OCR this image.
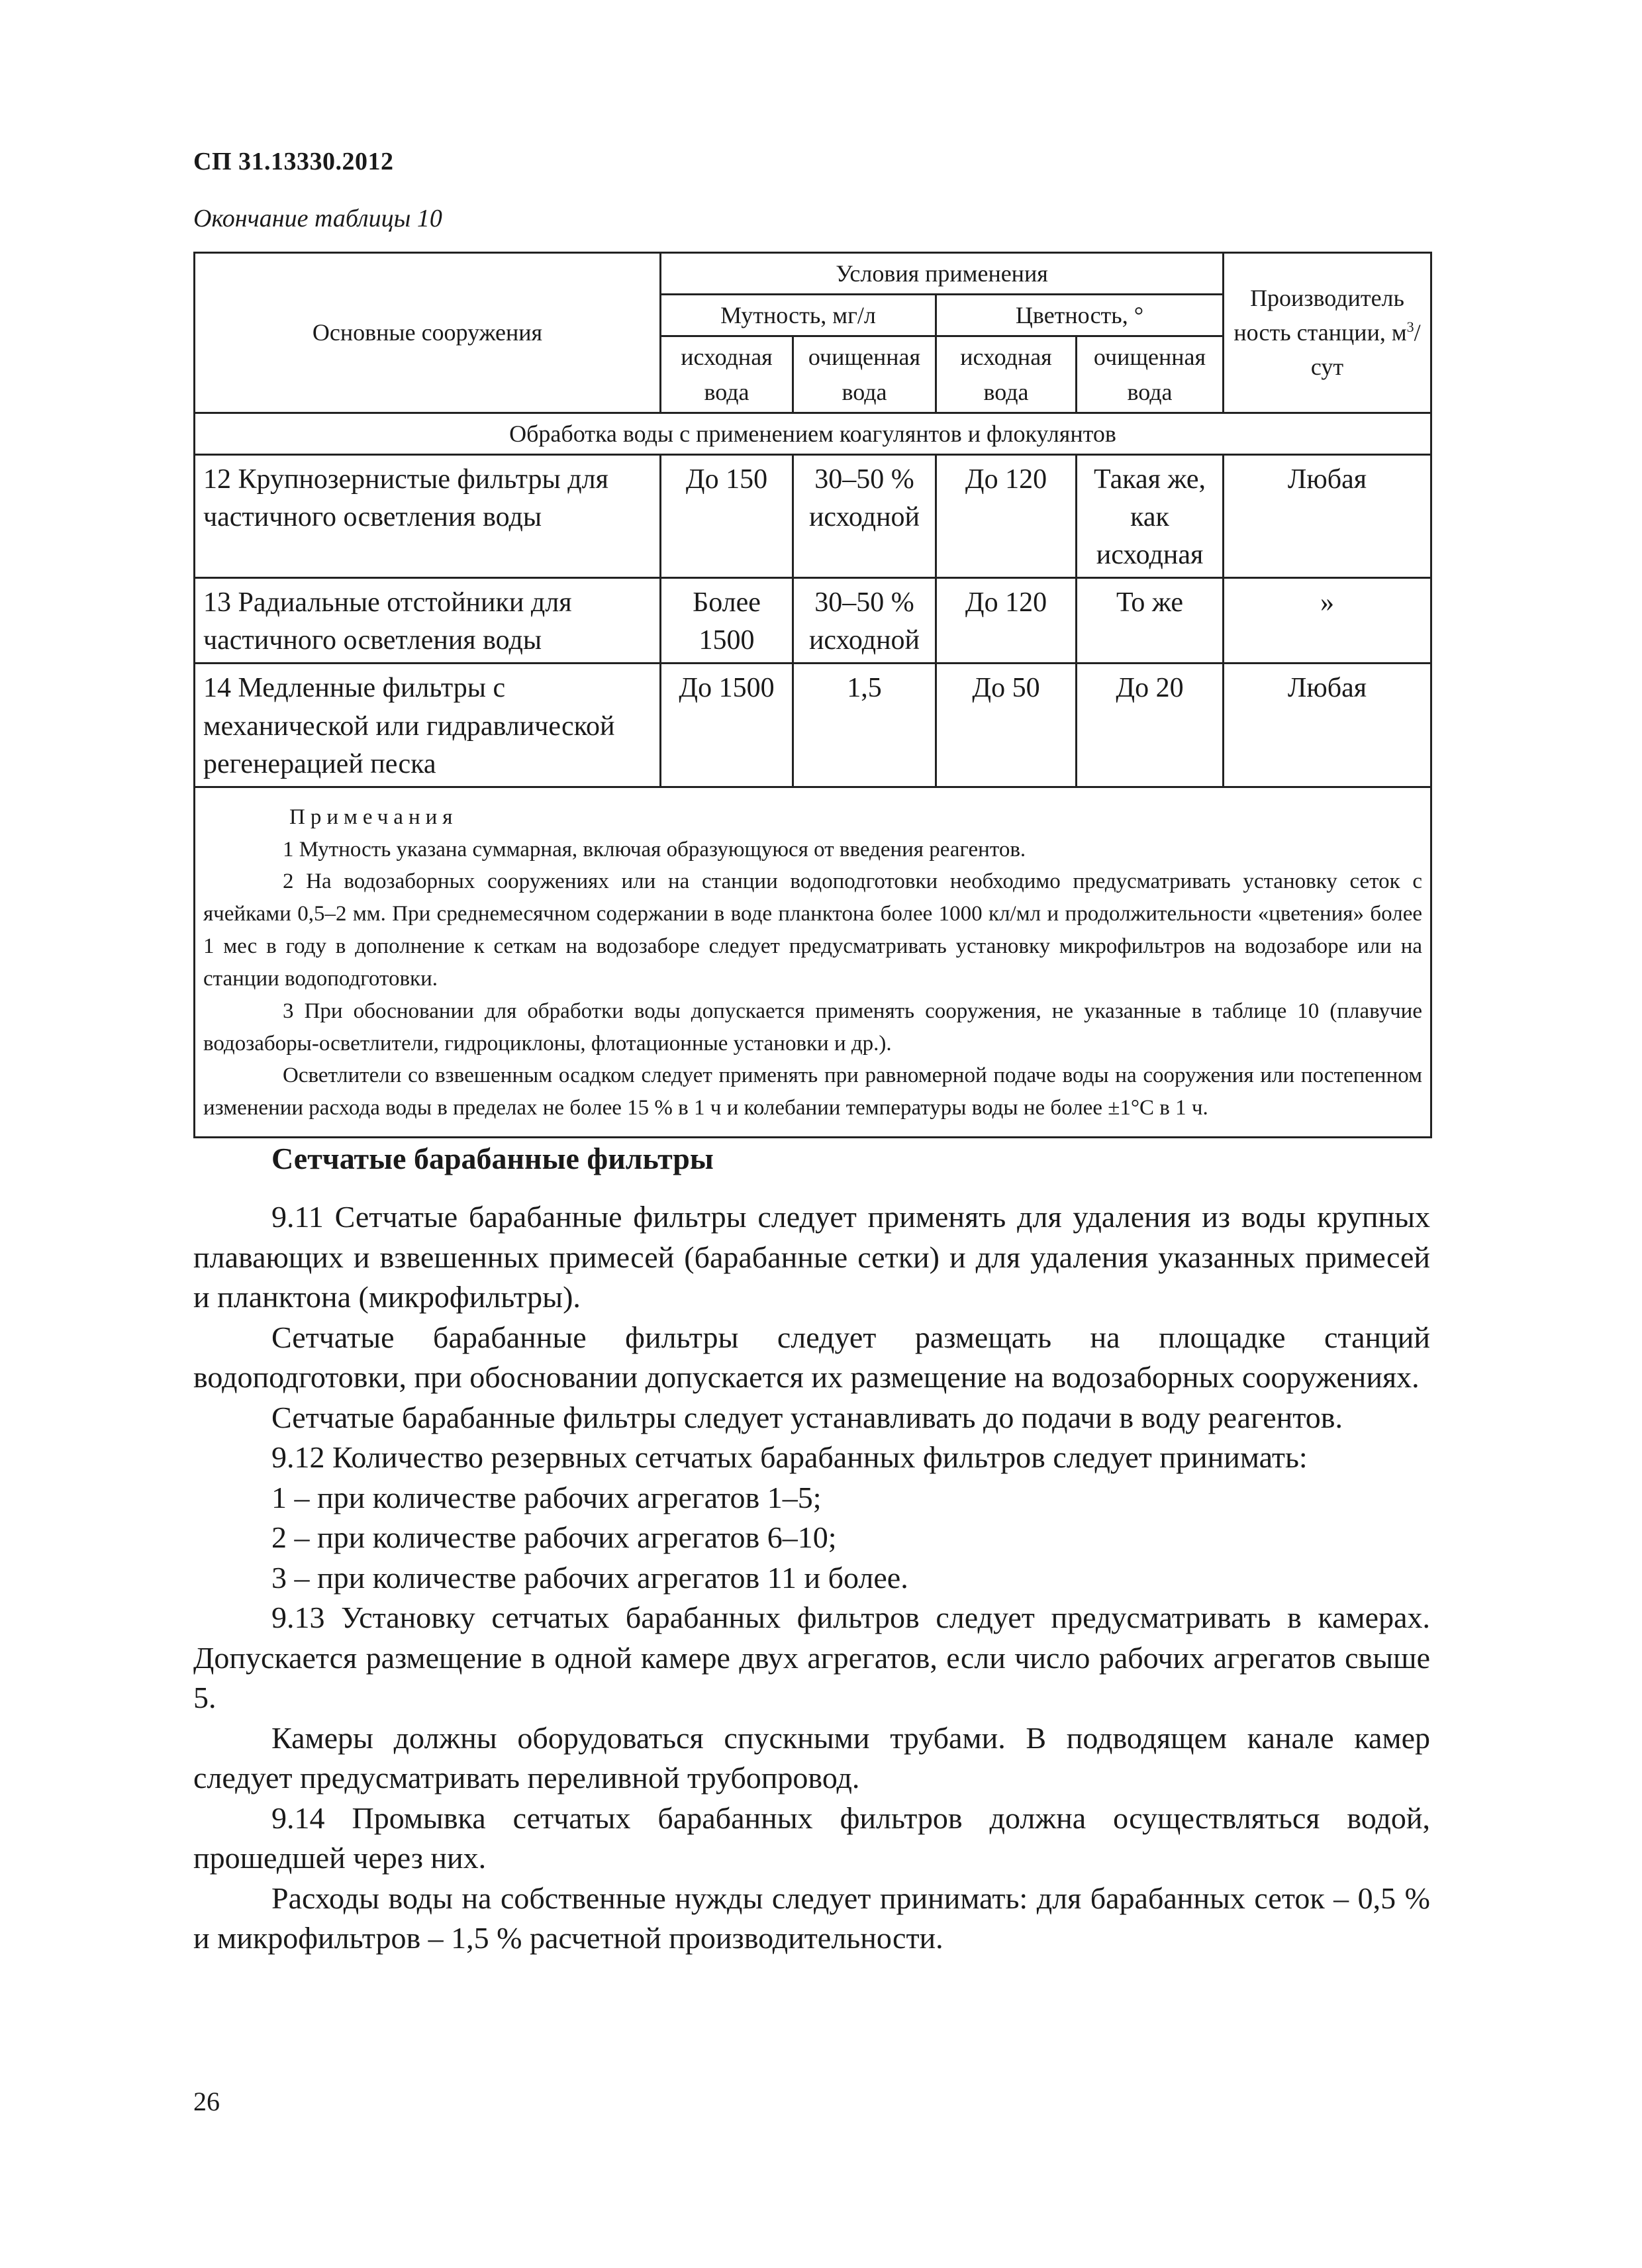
СП 31.13330.2012
Окончание таблицы 10
Основные сооружения	Условия применения				Производитель ность станции, $м^3$/сут
	Мутность, мг/л		Цветность, °		
	исходная вода	очищенная вода	исходная вода	очищенная вода	
Обработка воды с применением коагулянтов и флокулянтов					
12 Крупнозернистые фильтры для частичного осветления воды	До 150	30–50 % исходной	До 120	Такая же, как исходная	Любая
13 Радиальные отстойники для частичного осветления воды	Более 1500	30–50 % исходной	До 120	То же	»
14 Медленные фильтры с механической или гидравлической регенерацией песка	До 1500	1,5	До 50	До 20	Любая

Примечания

1 Мутность указана суммарная, включая образующуюся от введения реагентов.

2 На водозаборных сооружениях или на станции водоподготовки необходимо предусматривать установку сеток с ячейками 0,5–2 мм. При среднемесячном содержании в воде планктона более 1000 кл/мл и продолжительности «цветения» более 1 мес в году в дополнение к сеткам на водозаборе следует предусматривать установку микрофильтров на водозаборе или на станции водоподготовки.

3 При обосновании для обработки воды допускается применять сооружения, не указанные в таблице 10 (плавучие водозаборы-осветлители, гидроциклоны, флотационные установки и др.).

Осветлители со взвешенным осадком следует применять при равномерной подаче воды на сооружения или постепенном изменении расхода воды в пределах не более 15 % в 1 ч и колебании температуры воды не более ±1°С в 1 ч.					

Сетчатые барабанные фильтры

9.11 Сетчатые барабанные фильтры следует применять для удаления из воды крупных плавающих и взвешенных примесей (барабанные сетки) и для удаления указанных примесей и планктона (микрофильтры).

Сетчатые барабанные фильтры следует размещать на площадке станций водоподготовки, при обосновании допускается их размещение на водозаборных сооружениях.

Сетчатые барабанные фильтры следует устанавливать до подачи в воду реагентов.

9.12 Количество резервных сетчатых барабанных фильтров следует принимать:

1 – при количестве рабочих агрегатов 1–5;

2 – при количестве рабочих агрегатов 6–10;

3 – при количестве рабочих агрегатов 11 и более.

9.13 Установку сетчатых барабанных фильтров следует предусматривать в камерах. Допускается размещение в одной камере двух агрегатов, если число рабочих агрегатов свыше 5.

Камеры должны оборудоваться спускными трубами. В подводящем канале камер следует предусматривать переливной трубопровод.

9.14 Промывка сетчатых барабанных фильтров должна осуществляться водой, прошедшей через них.

Расходы воды на собственные нужды следует принимать: для барабанных сеток – 0,5 % и микрофильтров – 1,5 % расчетной производительности.

26
